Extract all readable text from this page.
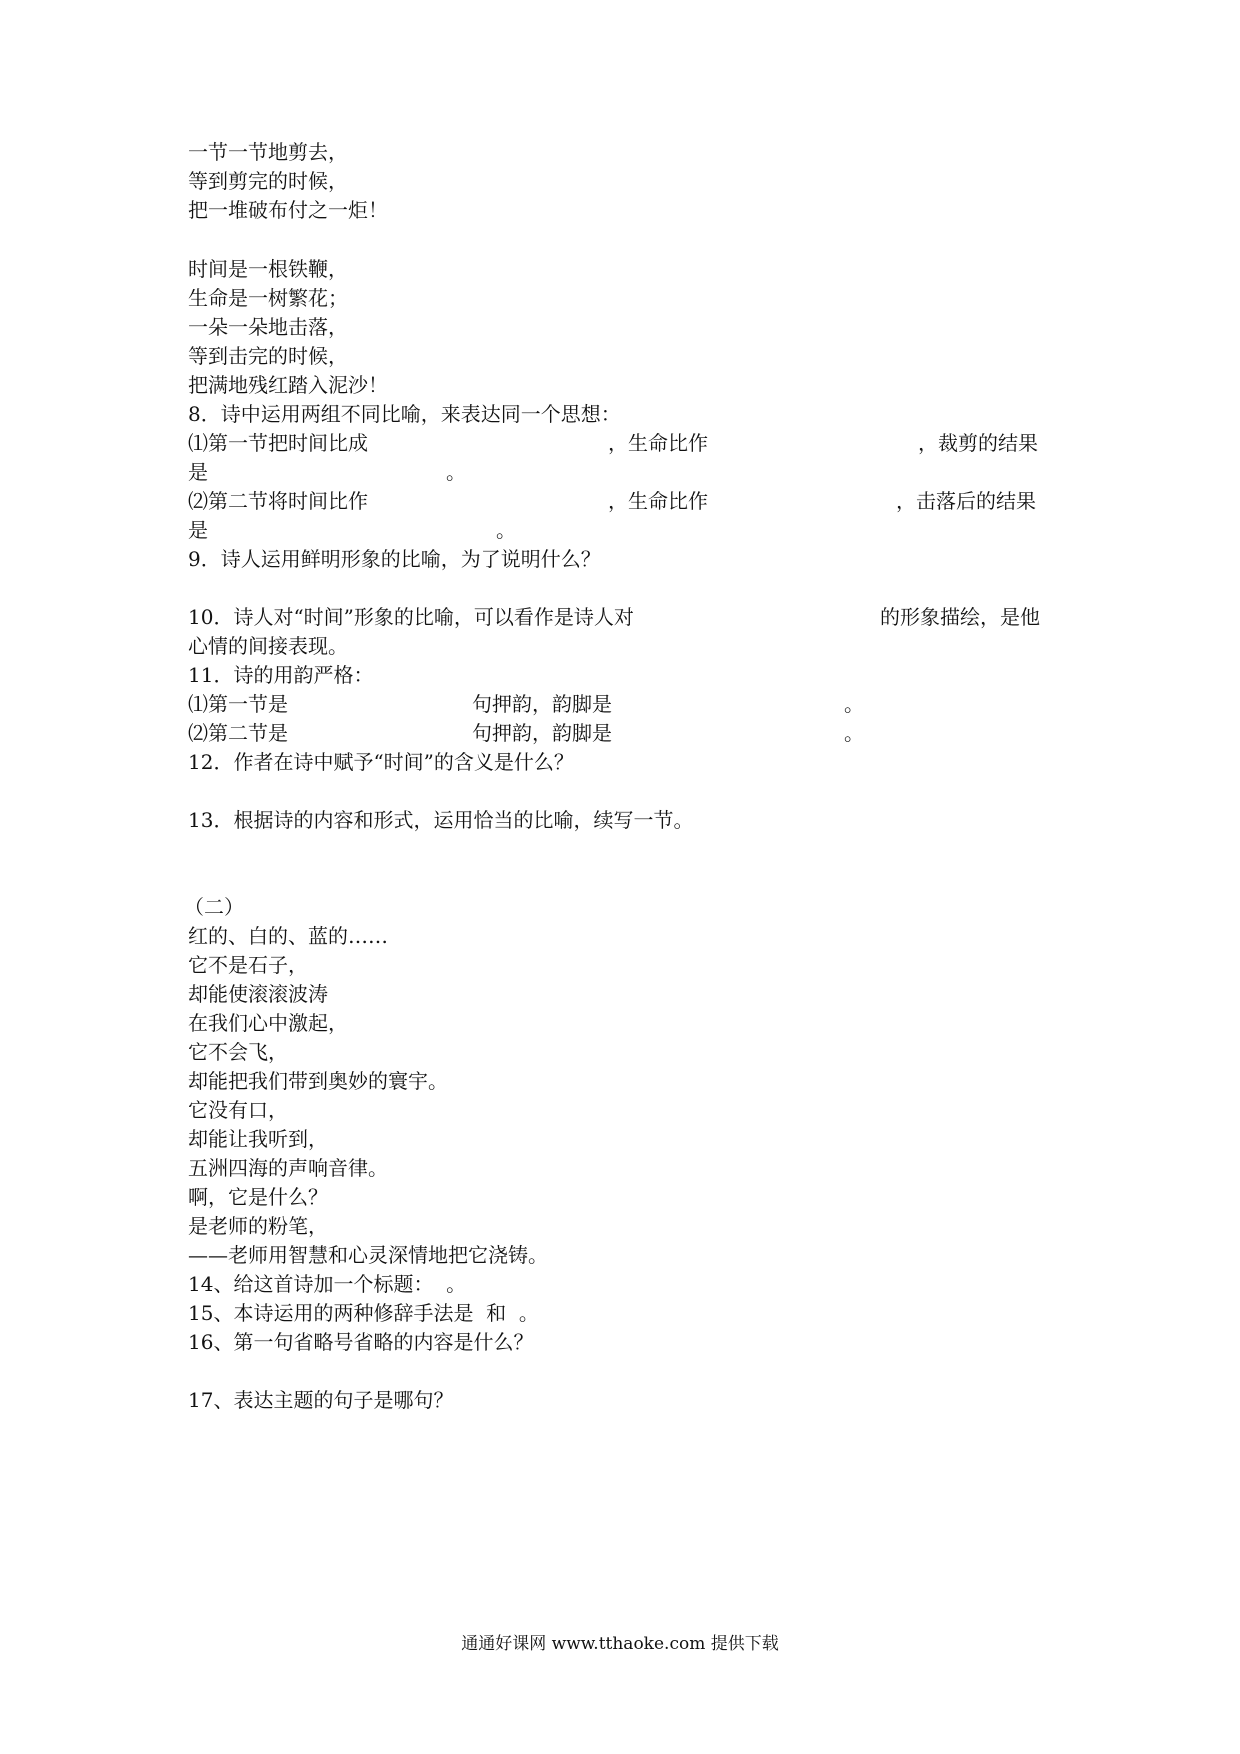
一节一节地剪去，
等到剪完的时候，
把一堆破布付之一炬！
时间是一根铁鞭，
生命是一树繁花；
一朵一朵地击落，
等到击完的时候，
把满地残红踏入泥沙！
8．诗中运用两组不同比喻，来表达同一个思想：

⑴第一节把时间比成

	，生命比作

	，裁剪的结果

是

	。

⑵第二节将时间比作

	，生命比作

	，击落后的结果

是

	。

9．诗人运用鲜明形象的比喻，为了说明什么？

10．诗人对“时间”形象的比喻，可以看作是诗人对

	的形象描绘，是他

心情的间接表现。
11．诗的用韵严格：

⑴第一节是

	句押韵，韵脚是

	。

⑵第二节是

	句押韵，韵脚是

	。

12．作者在诗中赋予“时间”的含义是什么？
13．根据诗的内容和形式，运用恰当的比喻，续写一节。
（二）
红的、白的、蓝的……
它不是石子，
却能使滚滚波涛
在我们心中激起，
它不会飞，
却能把我们带到奥妙的寰宇。
它没有口，
却能让我听到，
五洲四海的声响音律。
啊，它是什么？
是老师的粉笔，
——老师用智慧和心灵深情地把它浇铸。
14、给这首诗加一个标题：  。
15、本诗运用的两种修辞手法是  和  。
16、第一句省略号省略的内容是什么？
17、表达主题的句子是哪句？
通通好课网 www.tthaoke.com 提供下载
